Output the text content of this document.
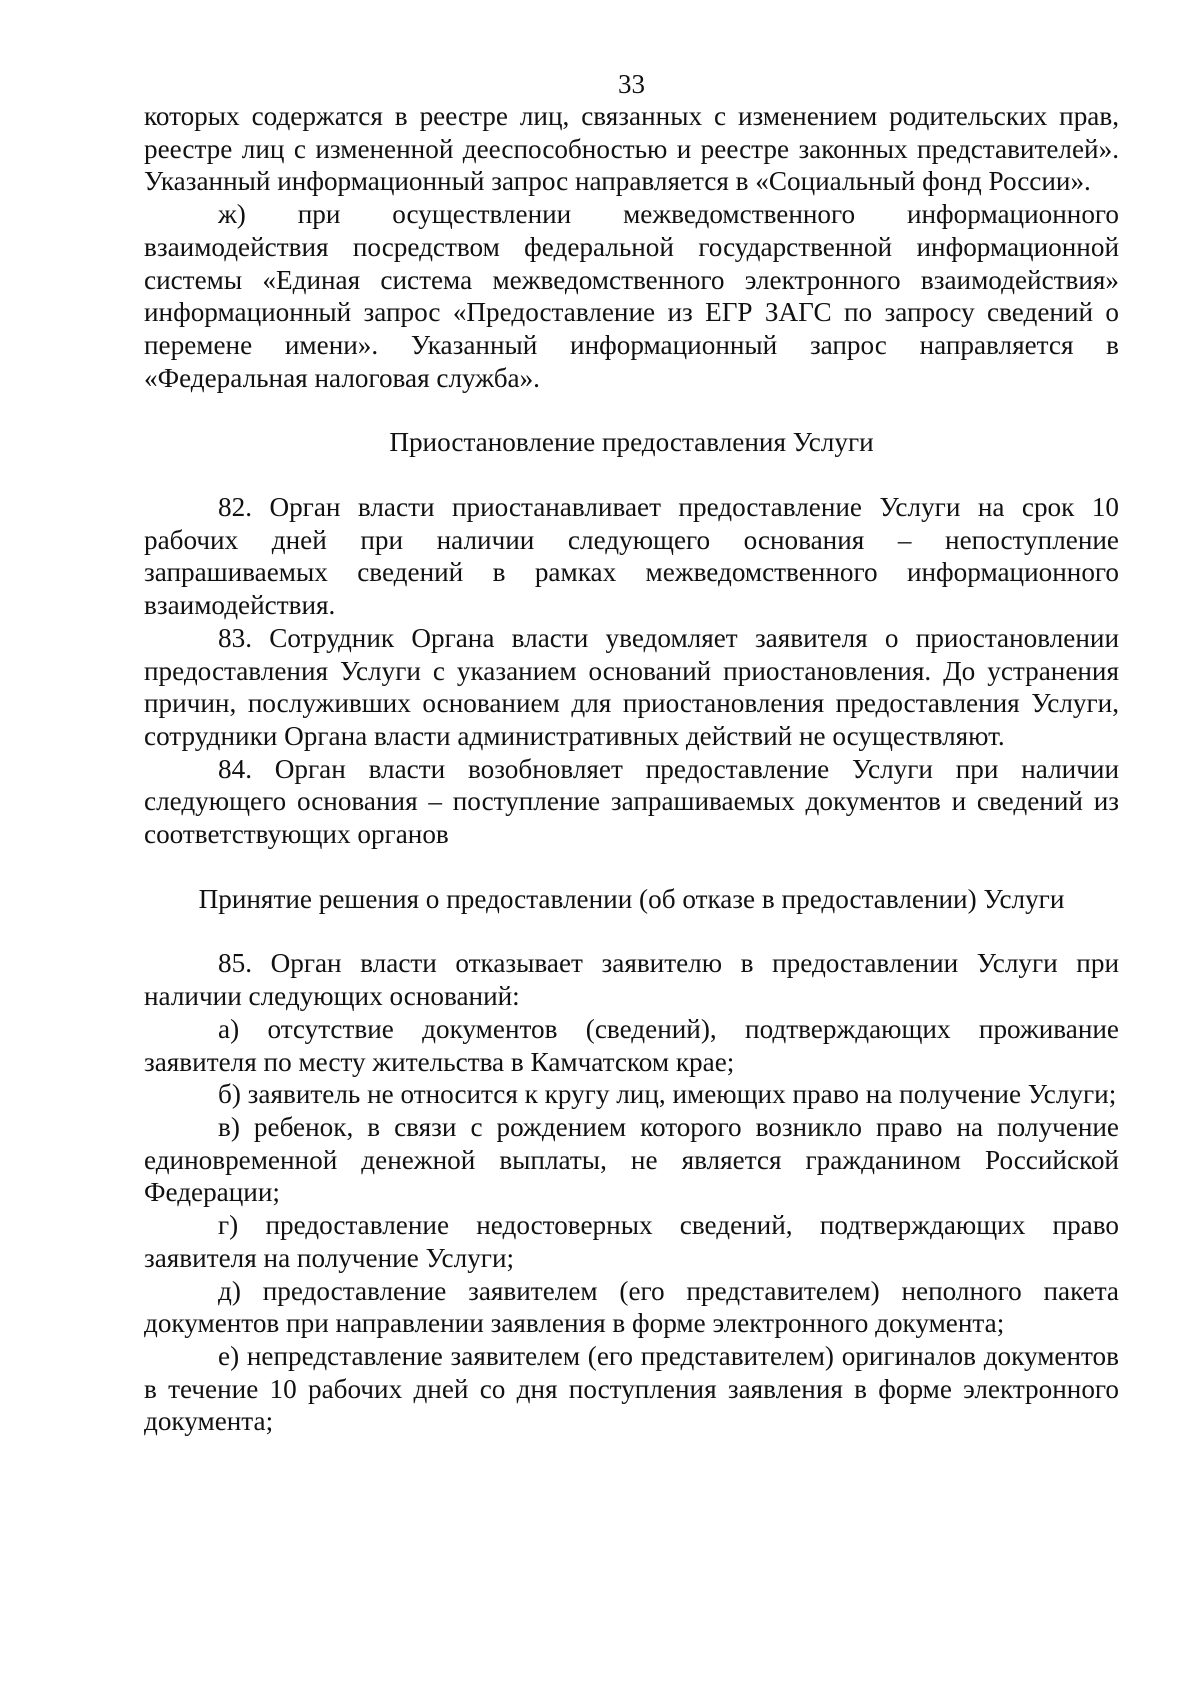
33

которых содержатся в реестре лиц, связанных с изменением родительских прав, реестре лиц с измененной дееспособностью и реестре законных представителей». Указанный информационный запрос направляется в «Социальный фонд России».

ж) при осуществлении межведомственного информационного взаимодействия посредством федеральной государственной информационной системы «Единая система межведомственного электронного взаимодействия» информационный запрос «Предоставление из ЕГР ЗАГС по запросу сведений о перемене имени». Указанный информационный запрос направляется в «Федеральная налоговая служба».

Приостановление предоставления Услуги

82. Орган власти приостанавливает предоставление Услуги на срок 10 рабочих дней при наличии следующего основания – непоступление запрашиваемых сведений в рамках межведомственного информационного взаимодействия.

83. Сотрудник Органа власти уведомляет заявителя о приостановлении предоставления Услуги с указанием оснований приостановления. До устранения причин, послуживших основанием для приостановления предоставления Услуги, сотрудники Органа власти административных действий не осуществляют.

84. Орган власти возобновляет предоставление Услуги при наличии следующего основания – поступление запрашиваемых документов и сведений из соответствующих органов

Принятие решения о предоставлении (об отказе в предоставлении) Услуги

85. Орган власти отказывает заявителю в предоставлении Услуги при наличии следующих оснований:

а) отсутствие документов (сведений), подтверждающих проживание заявителя по месту жительства в Камчатском крае;

б) заявитель не относится к кругу лиц, имеющих право на получение Услуги;

в) ребенок, в связи с рождением которого возникло право на получение единовременной денежной выплаты, не является гражданином Российской Федерации;

г) предоставление недостоверных сведений, подтверждающих право заявителя на получение Услуги;

д) предоставление заявителем (его представителем) неполного пакета документов при направлении заявления в форме электронного документа;

е) непредставление заявителем (его представителем) оригиналов документов в течение 10 рабочих дней со дня поступления заявления в форме электронного документа;
